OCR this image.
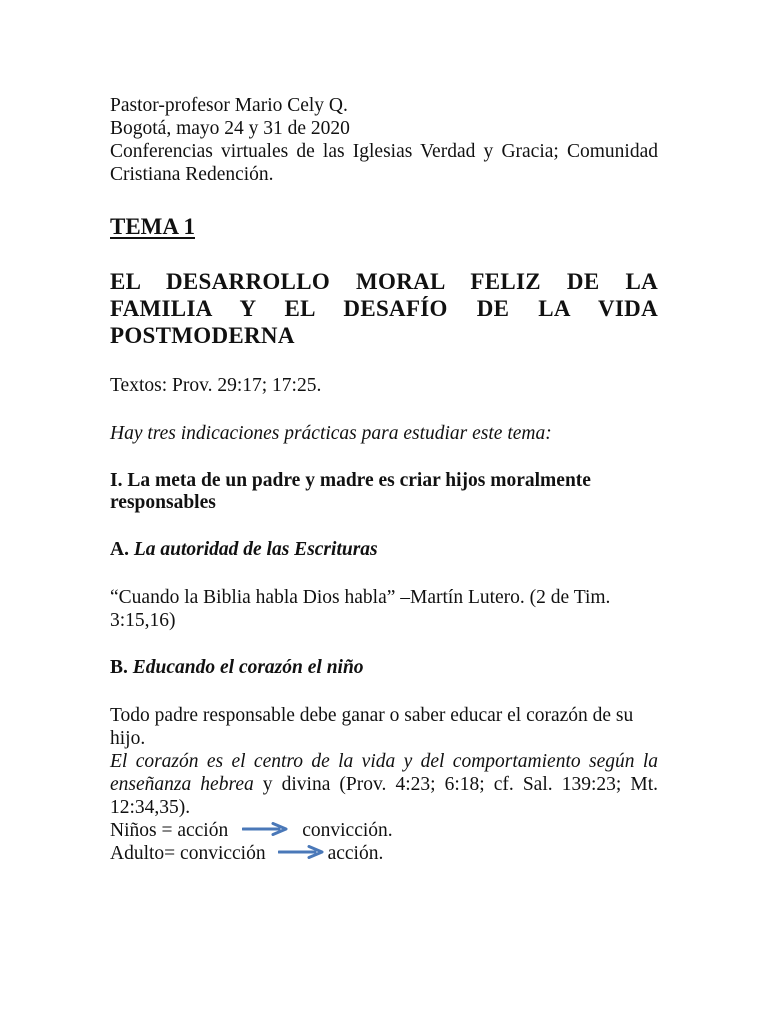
Pastor-profesor Mario Cely Q.
Bogotá, mayo 24 y 31 de 2020
Conferencias virtuales de las Iglesias Verdad y Gracia; Comunidad Cristiana Redención.
TEMA 1
EL DESARROLLO MORAL FELIZ DE LA FAMILIA Y EL DESAFÍO DE LA VIDA POSTMODERNA
Textos: Prov. 29:17; 17:25.
Hay tres indicaciones prácticas para estudiar este tema:
I. La meta de un padre y madre es criar hijos moralmente responsables
A. La autoridad de las Escrituras
“Cuando la Biblia habla Dios habla” –Martín Lutero. (2 de Tim. 3:15,16)
B. Educando el corazón el niño
Todo padre responsable debe ganar o saber educar el corazón de su hijo.
El corazón es el centro de la vida y del comportamiento según la enseñanza hebrea y divina (Prov. 4:23; 6:18; cf. Sal. 139:23; Mt. 12:34,35).
Niños = acción	convicción.
Adulto= convicción	acción.
